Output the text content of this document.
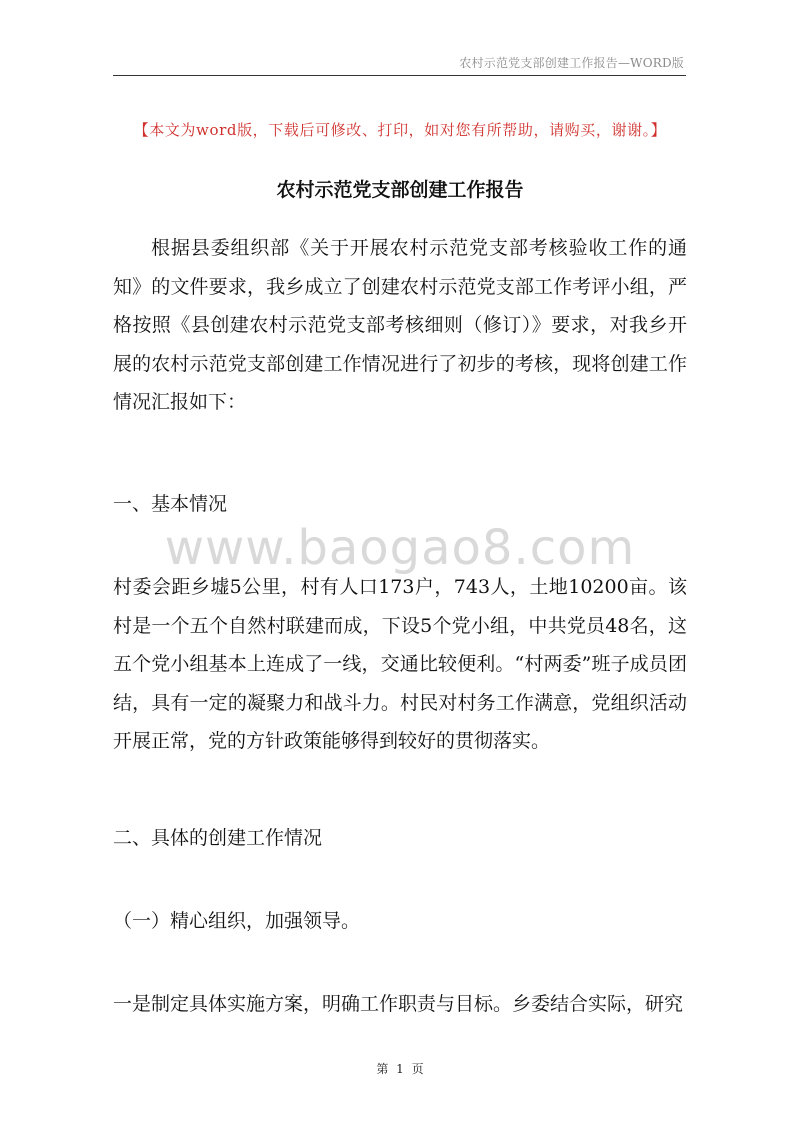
农村示范党支部创建工作报告—WORD版
【本文为word版，下载后可修改、打印，如对您有所帮助，请购买，谢谢。】
农村示范党支部创建工作报告

根据县委组织部《关于开展农村示范党支部考核验收工作的通知》的文件要求，我乡成立了创建农村示范党支部工作考评小组，严格按照《县创建农村示范党支部考核细则（修订）》要求，对我乡开展的农村示范党支部创建工作情况进行了初步的考核，现将创建工作情况汇报如下：

一、基本情况

www.baogao8.com

村委会距乡墟5公里，村有人口173户，743人，土地10200亩。该村是一个五个自然村联建而成，下设5个党小组，中共党员48名，这五个党小组基本上连成了一线，交通比较便利。“村两委”班子成员团结，具有一定的凝聚力和战斗力。村民对村务工作满意，党组织活动开展正常，党的方针政策能够得到较好的贯彻落实。

二、具体的创建工作情况

（一）精心组织，加强领导。

一是制定具体实施方案，明确工作职责与目标。乡委结合实际，研究

第 1 页
